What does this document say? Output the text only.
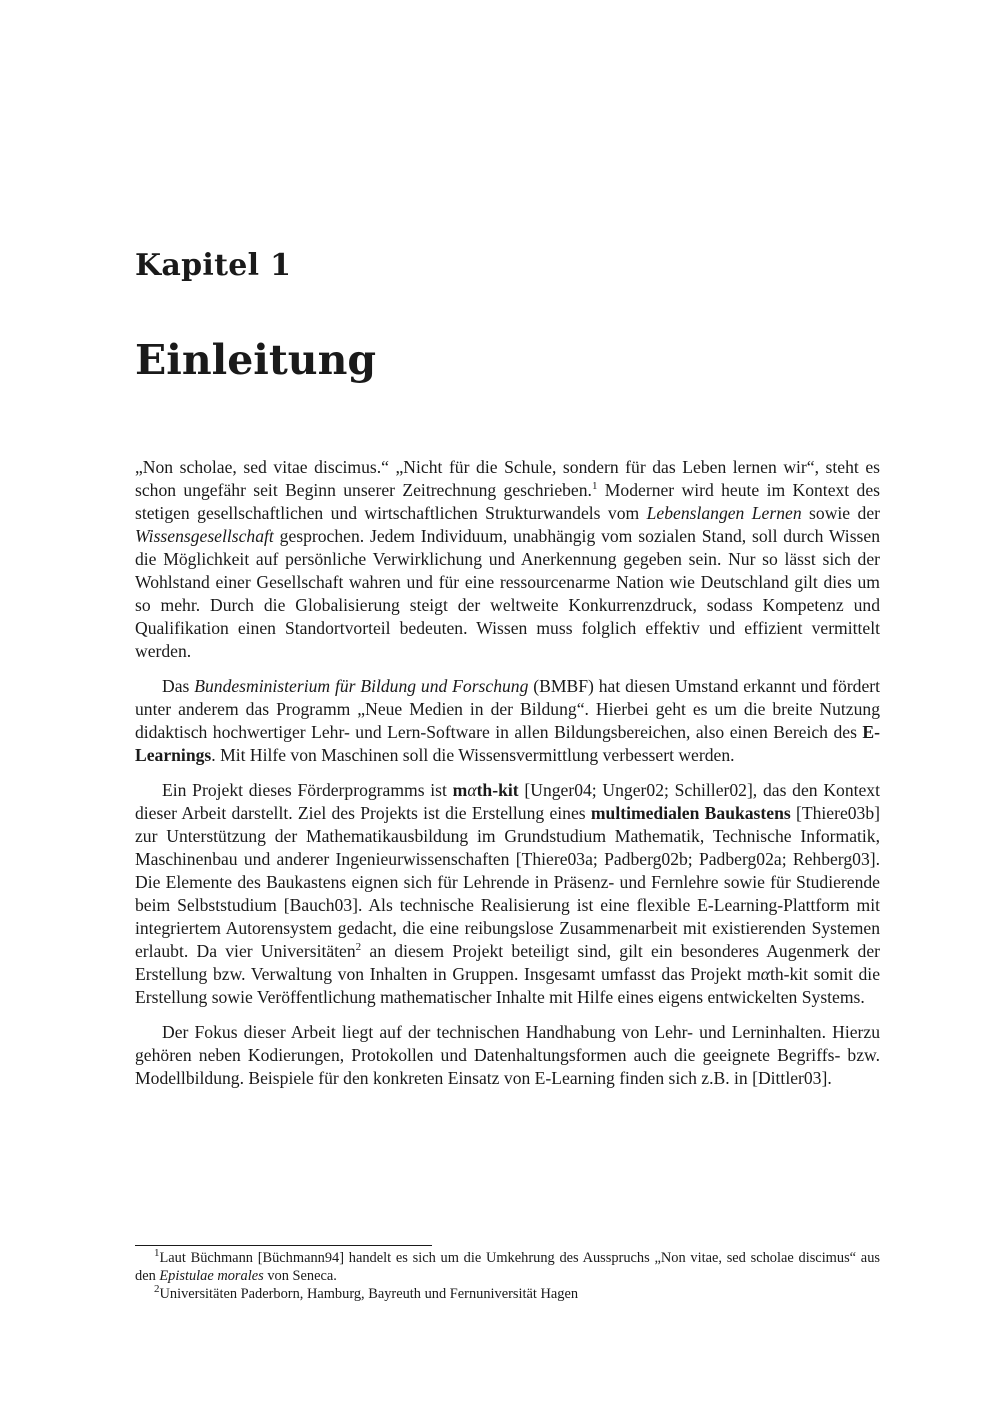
Kapitel 1
Einleitung

„Non scholae, sed vitae discimus.“ „Nicht für die Schule, sondern für das Leben lernen wir“, steht es schon ungefähr seit Beginn unserer Zeitrechnung geschrieben.$^1$ Moderner wird heute im Kontext des stetigen gesellschaftlichen und wirtschaftlichen Strukturwandels vom Lebenslangen Lernen sowie der Wissensgesellschaft gesprochen. Jedem Individuum, unabhängig vom sozialen Stand, soll durch Wissen die Möglichkeit auf persönliche Verwirklichung und Anerkennung gegeben sein. Nur so lässt sich der Wohlstand einer Gesellschaft wahren und für eine ressourcenarme Nation wie Deutschland gilt dies um so mehr. Durch die Globalisierung steigt der weltweite Konkurrenzdruck, sodass Kompetenz und Qualifikation einen Standortvorteil bedeuten. Wissen muss folglich effektiv und effizient vermittelt werden.

Das Bundesministerium für Bildung und Forschung (BMBF) hat diesen Umstand erkannt und fördert unter anderem das Programm „Neue Medien in der Bildung“. Hierbei geht es um die breite Nutzung didaktisch hochwertiger Lehr- und Lern-Software in allen Bildungsbereichen, also einen Bereich des E-Learnings. Mit Hilfe von Maschinen soll die Wissensvermittlung verbessert werden.

Ein Projekt dieses Förderprogramms ist mαth-kit [Unger04; Unger02; Schiller02], das den Kontext dieser Arbeit darstellt. Ziel des Projekts ist die Erstellung eines multimedialen Baukastens [Thiere03b] zur Unterstützung der Mathematikausbildung im Grundstudium Mathematik, Technische Informatik, Maschinenbau und anderer Ingenieurwissenschaften [Thiere03a; Padberg02b; Padberg02a; Rehberg03]. Die Elemente des Baukastens eignen sich für Lehrende in Präsenz- und Fernlehre sowie für Studierende beim Selbststudium [Bauch03]. Als technische Realisierung ist eine flexible E-Learning-Plattform mit integriertem Autorensystem gedacht, die eine reibungslose Zusammenarbeit mit existierenden Systemen erlaubt. Da vier Universitäten$^2$ an diesem Projekt beteiligt sind, gilt ein besonderes Augenmerk der Erstellung bzw. Verwaltung von Inhalten in Gruppen. Insgesamt umfasst das Projekt mαth-kit somit die Erstellung sowie Veröffentlichung mathematischer Inhalte mit Hilfe eines eigens entwickelten Systems.

Der Fokus dieser Arbeit liegt auf der technischen Handhabung von Lehr- und Lerninhalten. Hierzu gehören neben Kodierungen, Protokollen und Datenhaltungsformen auch die geeignete Begriffs- bzw. Modellbildung. Beispiele für den konkreten Einsatz von E-Learning finden sich z.B. in [Dittler03].

$^1$Laut Büchmann [Büchmann94] handelt es sich um die Umkehrung des Ausspruchs „Non vitae, sed scholae discimus“ aus den Epistulae morales von Seneca.

$^2$Universitäten Paderborn, Hamburg, Bayreuth und Fernuniversität Hagen
